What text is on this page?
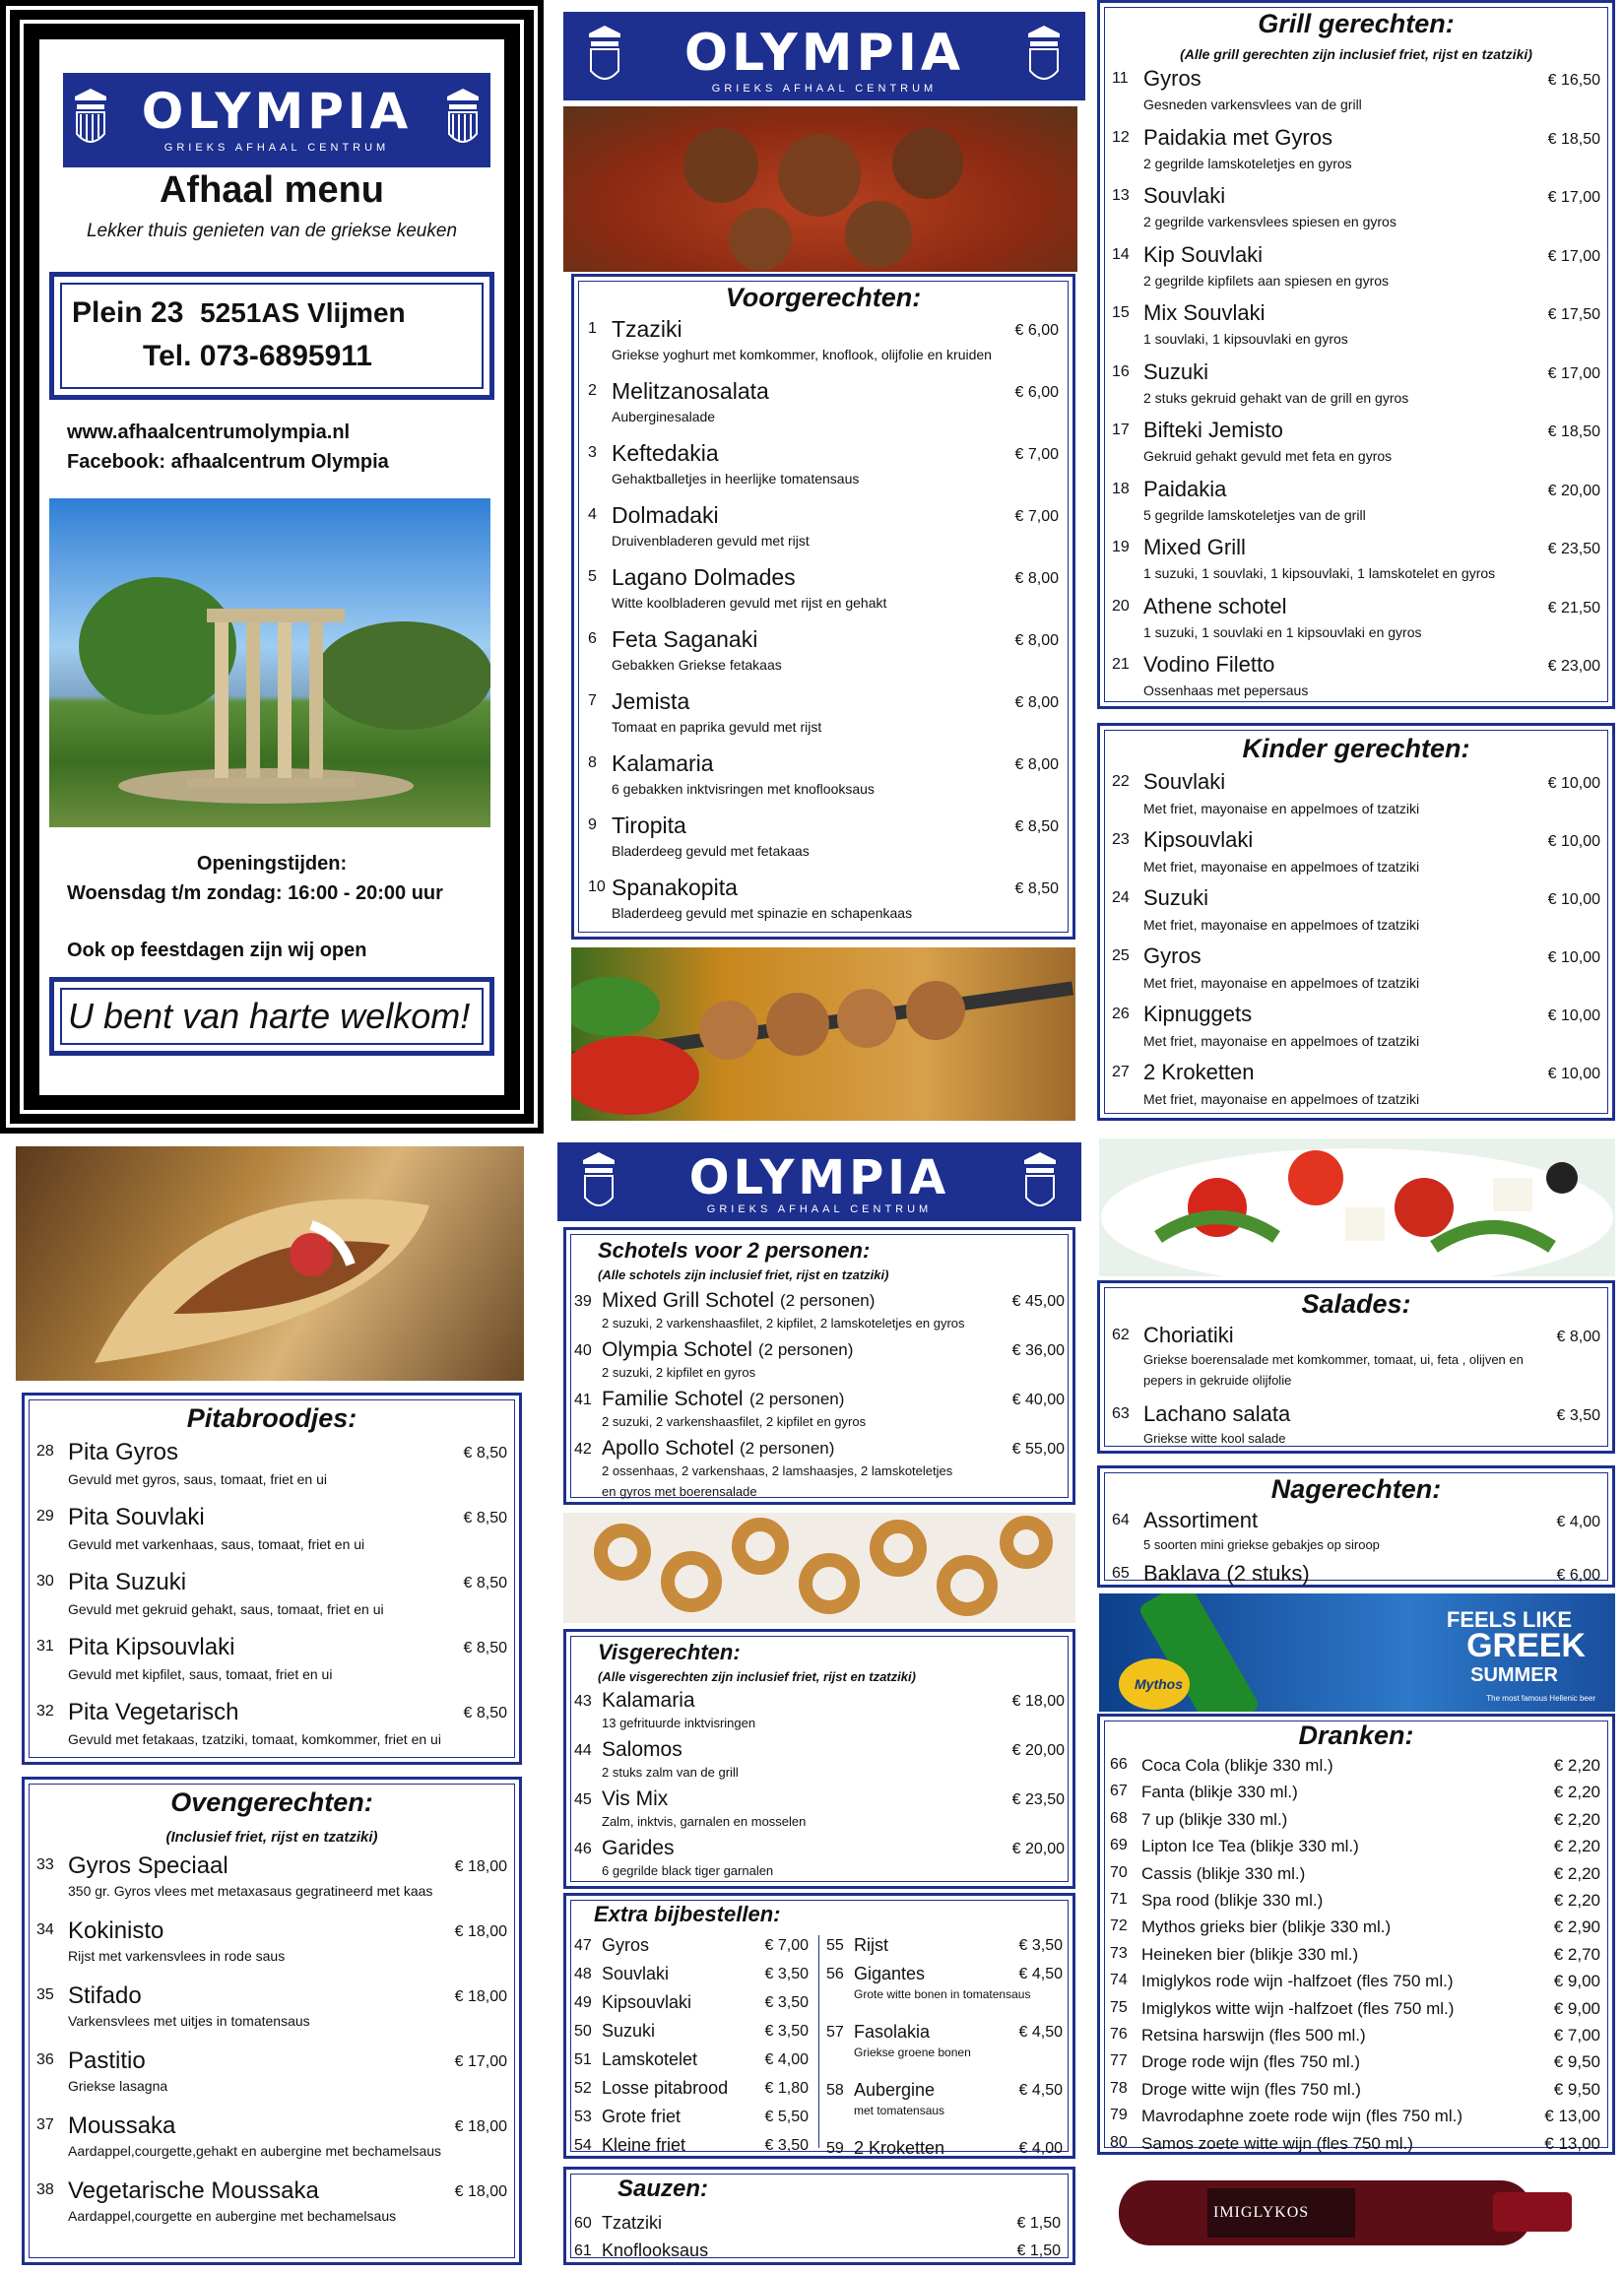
OLYMPIA
GRIEKS AFHAAL CENTRUM
Afhaal menu
Lekker thuis genieten van de griekse keuken
Plein 23 5251AS Vlijmen
Tel. 073-6895911
www.afhaalcentrumolympia.nl
Facebook: afhaalcentrum Olympia
Openingstijden:
Woensdag t/m zondag: 16:00 - 20:00 uur
Ook op feestdagen zijn wij open
U bent van harte welkom!
OLYMPIA
GRIEKS AFHAAL CENTRUM
Voorgerechten:
1 Tzaziki
Griekse yoghurt met komkommer, knoflook, olijfolie en kruiden
€ 6,00
2 Melitzanosalata
Auberginesalade
€ 6,00
3 Keftedakia
Gehaktballetjes in heerlijke tomatensaus
€ 7,00
4 Dolmadaki
Druivenbladeren gevuld met rijst
€ 7,00
5 Lagano Dolmades
Witte koolbladeren gevuld met rijst en gehakt
€ 8,00
6 Feta Saganaki
Gebakken Griekse fetakaas
€ 8,00
7 Jemista
Tomaat en paprika gevuld met rijst
€ 8,00
8 Kalamaria
6 gebakken inktvisringen met knoflooksaus
€ 8,00
9 Tiropita
Bladerdeeg gevuld met fetakaas
€ 8,50
10 Spanakopita
Bladerdeeg gevuld met spinazie en schapenkaas
€ 8,50
Grill gerechten:
(Alle grill gerechten zijn inclusief friet, rijst en tzatziki)
11 Gyros
Gesneden varkensvlees van de grill
€ 16,50
12 Paidakia met Gyros
2 gegrilde lamskoteletjes en gyros
€ 18,50
13 Souvlaki
2 gegrilde varkensvlees spiesen en gyros
€ 17,00
14 Kip Souvlaki
2 gegrilde kipfilets aan spiesen en gyros
€ 17,00
15 Mix Souvlaki
1 souvlaki, 1 kipsouvlaki en gyros
€ 17,50
16 Suzuki
2 stuks gekruid gehakt van de grill en gyros
€ 17,00
17 Bifteki Jemisto
Gekruid gehakt gevuld met feta en gyros
€ 18,50
18 Paidakia
5 gegrilde lamskoteletjes van de grill
€ 20,00
19 Mixed Grill
1 suzuki, 1 souvlaki, 1 kipsouvlaki, 1 lamskotelet en gyros
€ 23,50
20 Athene schotel
1 suzuki, 1 souvlaki en 1 kipsouvlaki en gyros
€ 21,50
21 Vodino Filetto
Ossenhaas met pepersaus
€ 23,00
Kinder gerechten:
22 Souvlaki
Met friet, mayonaise en appelmoes of tzatziki
€ 10,00
23 Kipsouvlaki
Met friet, mayonaise en appelmoes of tzatziki
€ 10,00
24 Suzuki
Met friet, mayonaise en appelmoes of tzatziki
€ 10,00
25 Gyros
Met friet, mayonaise en appelmoes of tzatziki
€ 10,00
26 Kipnuggets
Met friet, mayonaise en appelmoes of tzatziki
€ 10,00
27 2 Kroketten
Met friet, mayonaise en appelmoes of tzatziki
€ 10,00
Pitabroodjes:
28 Pita Gyros
Gevuld met gyros, saus, tomaat, friet en ui
€ 8,50
29 Pita Souvlaki
Gevuld met varkenhaas, saus, tomaat, friet en ui
€ 8,50
30 Pita Suzuki
Gevuld met gekruid gehakt, saus, tomaat, friet en ui
€ 8,50
31 Pita Kipsouvlaki
Gevuld met kipfilet, saus, tomaat, friet en ui
€ 8,50
32 Pita Vegetarisch
Gevuld met fetakaas, tzatziki, tomaat, komkommer, friet en ui
€ 8,50
Ovengerechten:
(Inclusief friet, rijst en tzatziki)
33 Gyros Speciaal
350 gr. Gyros vlees met metaxasaus gegratineerd met kaas
€ 18,00
34 Kokinisto
Rijst met varkensvlees in rode saus
€ 18,00
35 Stifado
Varkensvlees met uitjes in tomatensaus
€ 18,00
36 Pastitio
Griekse lasagna
€ 17,00
37 Moussaka
Aardappel,courgette,gehakt en aubergine met bechamelsaus
€ 18,00
38 Vegetarische Moussaka
Aardappel,courgette en aubergine met bechamelsaus
€ 18,00
OLYMPIA
GRIEKS AFHAAL CENTRUM
Schotels voor 2 personen:
(Alle schotels zijn inclusief friet, rijst en tzatziki)
39 Mixed Grill Schotel (2 personen)
2 suzuki, 2 varkenshaasfilet, 2 kipfilet, 2 lamskoteletjes en gyros
€ 45,00
40 Olympia Schotel (2 personen)
2 suzuki, 2 kipfilet en gyros
€ 36,00
41 Familie Schotel (2 personen)
2 suzuki, 2 varkenshaasfilet, 2 kipfilet en gyros
€ 40,00
42 Apollo Schotel (2 personen)
2 ossenhaas, 2 varkenshaas, 2 lamshaasjes, 2 lamskoteletjes
en gyros met boerensalade
€ 55,00
Visgerechten:
(Alle visgerechten zijn inclusief friet, rijst en tzatziki)
43 Kalamaria
13 gefrituurde inktvisringen
€ 18,00
44 Salomos
2 stuks zalm van de grill
€ 20,00
45 Vis Mix
Zalm, inktvis, garnalen en mosselen
€ 23,50
46 Garides
6 gegrilde black tiger garnalen
€ 20,00
Extra bijbestellen:
47 Gyros	€ 7,00
48 Souvlaki	€ 3,50
49 Kipsouvlaki	€ 3,50
50 Suzuki	€ 3,50
51 Lamskotelet	€ 4,00
52 Losse pitabrood € 1,80
53 Grote friet	€ 5,50
54 Kleine friet	€ 3,50
55 Rijst	€ 3,50
56 Gigantes
Grote witte bonen in tomatensaus
€ 4,50
57 Fasolakia
Griekse groene bonen
€ 4,50
58 Aubergine
met tomatensaus
€ 4,50
59 2 Kroketten	€ 4,00
Sauzen:
60 Tzatziki	€ 1,50
61 Knoflooksaus	€ 1,50
Salades:
62 Choriatiki
Griekse boerensalade met komkommer, tomaat, ui, feta , olijven en
pepers in gekruide olijfolie
€ 8,00
63 Lachano salata
Griekse witte kool salade
€ 3,50
Nagerechten:
64 Assortiment
5 soorten mini griekse gebakjes op siroop
€ 4,00
65 Baklava (2 stuks)	€ 6,00
FEELS LIKE
GREEK
SUMMER
The most famous Hellenic beer
Mythos
Dranken:
66 Coca Cola (blikje 330 ml.)	€ 2,20
67 Fanta (blikje 330 ml.)	€ 2,20
68 7 up (blikje 330 ml.)	€ 2,20
69 Lipton Ice Tea (blikje 330 ml.)	€ 2,20
70 Cassis (blikje 330 ml.)	€ 2,20
71 Spa rood (blikje 330 ml.)	€ 2,20
72 Mythos grieks bier (blikje 330 ml.)	€ 2,90
73 Heineken bier (blikje 330 ml.)	€ 2,70
74 Imiglykos rode wijn -halfzoet (fles 750 ml.)	€ 9,00
75 Imiglykos witte wijn -halfzoet (fles 750 ml.)	€ 9,00
76 Retsina harswijn (fles 500 ml.)	€ 7,00
77 Droge rode wijn (fles 750 ml.)	€ 9,50
78 Droge witte wijn (fles 750 ml.)	€ 9,50
79 Mavrodaphne zoete rode wijn (fles 750 ml.)	€ 13,00
80 Samos zoete witte wijn (fles 750 ml.)	€ 13,00
IMIGLYKOS
